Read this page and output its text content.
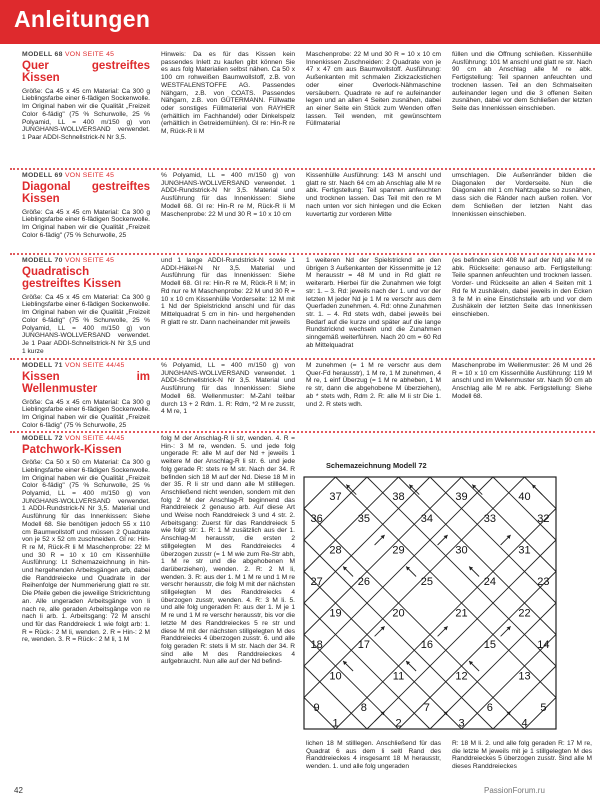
Anleitungen
MODELL 68 VON SEITE 45
Quer gestreiftes Kissen

Größe: Ca 45 x 45 cm Material: Ca 300 g Lieblingsfarbe einer 6-fädigen Sockenwolle. Im Original haben wir die Qualität „Freizeit Color 6-fädig" (75 % Schurwolle, 25 % Polyamid, LL = 400 m/150 g) von JUNGHANS-WOLLVERSAND verwendet. 1 Paar ADDI-Schnellstrick-N Nr 3,5.

Hinweis: Da es für das Kissen kein passendes Inlett zu kaufen gibt können Sie es aus folg Materialien selbst nähen. Ca 50 x 100 cm rohweißen Baumwollstoff, z.B. von WESTFALENSTOFFE AG. Passendes Nähgarn, z.B. von COATS. Passendes Nähgarn, z.B. von GÜTERMANN. Füllwatte oder sonstiges Füllmaterial von RAYHER (erhältlich im Fachhandel) oder Dinkelspelz (erhältlich in Getreidemühlen). Gl re: Hin-R re M, Rück-R li M

Maschenprobe: 22 M und 30 R = 10 x 10 cm Innenkissen Zuschneiden: 2 Quadrate von je 47 x 47 cm aus Baumwollstoff. Ausführung: Außenkanten mit schmalen Zickzackstichen oder einer Overlock-Nähmaschine versäubern. Quadrate re auf re aufeinander legen und an allen 4 Seiten zusnähen, dabei an einer Seite ein Stück zum Wenden offen lassen. Teil wenden, mit gewünschtem Füllmaterial

füllen und die Öffnung schließen. Kissenhülle Ausführung: 101 M anschl und glatt re str. Nach 90 cm ab Anschlag alle M re abk. Fertigstellung: Teil spannen anfeuchten und trocknen lassen. Teil an den Schmalseiten aufeinander legen und die 3 offenen Seiten zusnähen, dabei vor dem Schließen der letzten Seite das Innenkissen einschieben.

MODELL 69 VON SEITE 45
Diagonal gestreiftes Kissen

Größe: Ca 45 x 45 cm Material: Ca 300 g Lieblingsfarbe einer 6-fädigen Sockenwolle. Im Original haben wir die Qualität „Freizeit Color 6-fädig" (75 % Schurwolle, 25

% Polyamid, LL = 400 m/150 g) von JUNGHANS-WOLLVERSAND verwendet. 1 ADDI-Rundstrick-N Nr 3,5. Material und Ausführung für das Innenkissen: Siehe Modell 68. Gl re: Hin-R re M, Rück-R li M Maschenprobe: 22 M und 30 R = 10 x 10 cm

Kissenhülle Ausführung: 143 M anschl und glatt re str. Nach 64 cm ab Anschlag alle M re abk. Fertigstellung: Teil spannen anfeuchten und trocknen lassen. Das Teil mit den re M nach unten vor sich hinlegen und die Ecken kuvertartig zur vorderen Mitte

umschlagen. Die Außenränder bilden die Diagonalen der Vorderseite. Nun die Diagonalen mit 1 cm Nahtzugabe so zusnähen, dass sich die Ränder nach außen rollen. Vor dem Schließen der letzten Naht das Innenkissen einschieben.

MODELL 70 VON SEITE 45
Quadratisch gestreiftes Kissen

Größe: Ca 45 x 45 cm Material: Ca 300 g Lieblingsfarbe einer 6-fädigen Sockenwolle. Im Original haben wir die Qualität „Freizeit Color 6-fädig" (75 % Schurwolle, 25 % Polyamid, LL = 400 m/150 g) von JUNGHANS-WOLLVERSAND verwendet. Je 1 Paar ADDI-Schnellstrick-N Nr 3,5 und 1 kurze

und 1 lange ADDI-Rundstrick-N sowie 1 ADDI-Häkel-N Nr 3,5. Material und Ausführung für das Innenkissen: Siehe Modell 68. Gl re: Hin-R re M, Rück-R li M; in Rd nur re M Maschenprobe: 22 M und 30 R = 10 x 10 cm Kissenhülle Vorderseite: 12 M mit 1 Nd der Spielstricknd anschl und für das Mittelquadrat 5 cm in hin- und hergehenden R glatt re str. Dann nacheinander mit jeweils

1 weiteren Nd der Spielstricknd an den übrigen 3 Außenkanten der Kissenmitte je 12 M herausstr = 48 M und in Rd glatt re weiterarb. Hierbei für die Zunahmen wie folgt str: 1. – 3. Rd: jeweils nach der 1. und vor der letzten M jeder Nd je 1 M re verschr aus dem Querfaden zunehmen. 4. Rd: ohne Zunahmen str. 1. – 4. Rd stets wdh, dabei jeweils bei Bedarf auf die kurze und später auf die lange Rundstricknd wechseln und die Zunahmen sinngemäß weiterführen. Nach 20 cm = 60 Rd ab Mittelquadrat

(es befinden sich 408 M auf der Nd) alle M re abk. Rückseite: genauso arb. Fertigstellung: Teile spannen anfeuchten und trocknen lassen. Vorder- und Rückseite an allen 4 Seiten mit 1 Rd fe M zushäkeln, dabei jeweils in den Ecken 3 fe M in eine Einstichstelle arb und vor dem Zushäkeln der letzten Seite das Innenkissen einschieben.

MODELL 71 VON SEITE 44/45
Kissen im Wellenmuster

Größe: Ca 45 x 45 cm Material: Ca 300 g Lieblingsfarbe einer 6-fädigen Sockenwolle. Im Original haben wir die Qualität „Freizeit Color 6-fädig" (75 % Schurwolle, 25

% Polyamid, LL = 400 m/150 g) von JUNGHANS-WOLLVERSAND verwendet. 1 ADDI-Schnellstrick-N Nr 3,5. Material und Ausführung für das Innenkissen: Siehe Modell 68. Wellenmuster: M-Zahl teilbar durch 13 + 2 Rdm. 1. R: Rdm, *2 M re zusstr, 4 M re, 1

M zunehmen (= 1 M re verschr aus dem Quer-Fd herausstr), 1 M re, 1 M zunehmen, 4 M re, 1 einf Überzug (= 1 M re abheben, 1 M re str, dann die abgehobene M überziehen), ab * stets wdh, Rdm 2. R: alle M li str Die 1. und 2. R stets wdh.

Maschenprobe im Wellenmuster: 26 M und 26 R = 10 x 10 cm Kissenhülle Ausführung: 119 M anschl und im Wellenmuster str. Nach 90 cm ab Anschlag alle M re abk. Fertigstellung: Siehe Modell 68.

MODELL 72 VON SEITE 44/45
Patchwork-Kissen

Größe: Ca 50 x 50 cm Material: Ca 300 g Lieblingsfarbe einer 6-fädigen Sockenwolle. Im Original haben wir die Qualität „Freizeit Color 6-fädig" (75 % Schurwolle, 25 % Polyamid, LL = 400 m/150 g) von JUNGHANS-WOLLVERSAND verwendet. 1 ADDI-Rundstrick-N Nr 3,5. Material und Ausführung für das Innenkissen: Siehe Modell 68. Sie benötigen jedoch 55 x 110 cm Baumwollstoff und müssen 2 Quadrate von je 52 x 52 cm zuschneiden. Gl re: Hin-R re M, Rück-R li M Maschenprobe: 22 M und 30 R = 10 x 10 cm Kissenhülle Ausführung: Lt Schemazeichnung in hin- und hergehenden Arbeitsgängen arb, dabei die Randdreiecke und Quadrate in der Reihenfolge der Nummerierung glatt re str. Die Pfeile geben die jeweilige Strickrichtung an. Alle ungeraden Arbeitsgänge von li nach re, alle geraden Arbeitsgänge von re nach li arb. 1. Arbeitsgang: 72 M anschl und für das Randdreieck 1 wie folgt arb: 1. R = Rück-: 2 M li, wenden. 2. R = Hin-: 2 M re, wenden. 3. R = Rück-: 2 M li, 1 M

folg M der Anschlag-R li str, wenden. 4. R = Hin-: 3 M re, wenden. 5. und jede folg ungerade R: alle M auf der Nd + jeweils 1 weitere M der Anschlag-R li str. 6. und jede folg gerade R: stets re M str. Nach der 34. R befinden sich 18 M auf der Nd. Diese 18 M in der 35. R li str und dann alle M stilllegen. Anschließend nicht wenden, sondern mit den folg 2 M der Anschlag-R beginnend das Randdreieck 2 genauso arb. Auf diese Art und Weise noch Randdreieck 3 und 4 str. 2. Arbeitsgang: Zuerst für das Randdreieck 5 wie folgt str: 1. R: 1 M zusätzlich aus der 1. Anschlag-M herausstr, die ersten 2 stillgelegten M des Randdreiecks 4 überzogen zusstr (= 1 M wie zum Re-Str abh, 1 M re str und die abgehobenen M darüberziehen), wenden. 2. R: 2 M li, wenden. 3. R: aus der 1. M 1 M re und 1 M re verschr herausstr, die folg M mit der nächsten stillgelegten M des Randdreiecks 4 überzogen zusstr, wenden. 4. R: 3 M li. 5. und alle folg ungeraden R: aus der 1. M je 1 M re und 1 M re verschr herausstr, bis vor die letzte M des Randdreieckes 5 re str und diese M mit der nächsten stillgelegten M des Randdreiecks 4 überzogen zusstr. 6. und alle folg geraden R: stets li M str. Nach der 34. R sind alle M des Randdreieckes 4 aufgebraucht. Nun alle auf der Nd befind-

lichen 18 M stilllegen. Anschließend für das Quadrat 6 aus dem li seitl Rand des Randdreieckes 4 insgesamt 18 M herausstr, wenden. 1. und alle folg ungeraden

R: 18 M li. 2. und alle folg geraden R: 17 M re, die letzte M jeweils mit je 1 stillgelegten M des Randdreieckes 5 überzogen zusstr. Sind alle M dieses Randdreieckes

Schemazeichnung Modell 72
37	38	39	40
36	35	34	33	32
28	29	30	31
27	26	25	24	23
19	20	21	22
18	17	16	15	14
10	11	12	13
9	8	7	6	5
1	2	3	4
42	PassionForum.ru
